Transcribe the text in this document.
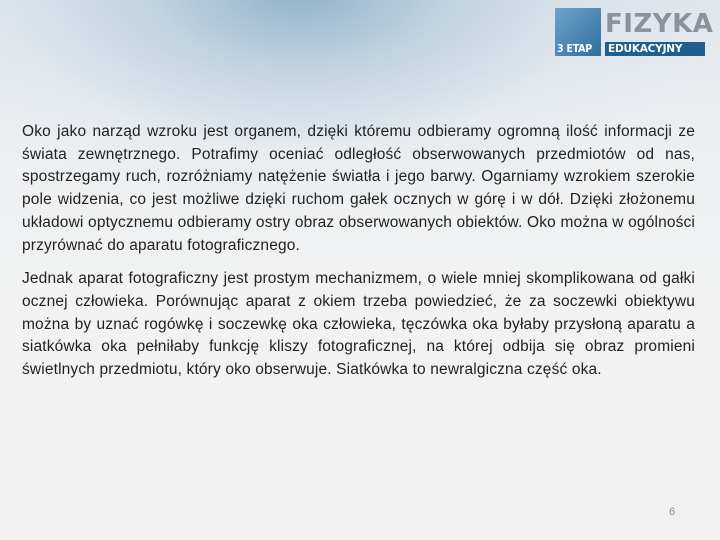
3 ETAP
FIZYKA
EDUKACYJNY

Oko jako narząd wzroku jest organem, dzięki któremu odbieramy ogromną ilość informacji ze świata zewnętrznego. Potrafimy oceniać odległość obserwowanych przedmiotów od nas, spostrzegamy ruch, rozróżniamy natężenie światła i jego barwy. Ogarniamy wzrokiem szerokie pole widzenia, co jest możliwe dzięki ruchom gałek ocznych w górę i w dół. Dzięki złożonemu układowi optycznemu odbieramy ostry obraz obserwowanych obiektów. Oko można w ogólności przyrównać do aparatu fotograficznego.

Jednak aparat fotograficzny jest prostym mechanizmem, o wiele mniej skomplikowana od gałki ocznej człowieka. Porównując aparat z okiem trzeba powiedzieć, że za soczewki obiektywu można by uznać rogówkę i soczewkę oka człowieka, tęczówka oka byłaby przysłoną aparatu a siatkówka oka pełniłaby funkcję kliszy fotograficznej, na której odbija się obraz promieni świetlnych przedmiotu, który oko obserwuje. Siatkówka to newralgiczna część oka.

6
